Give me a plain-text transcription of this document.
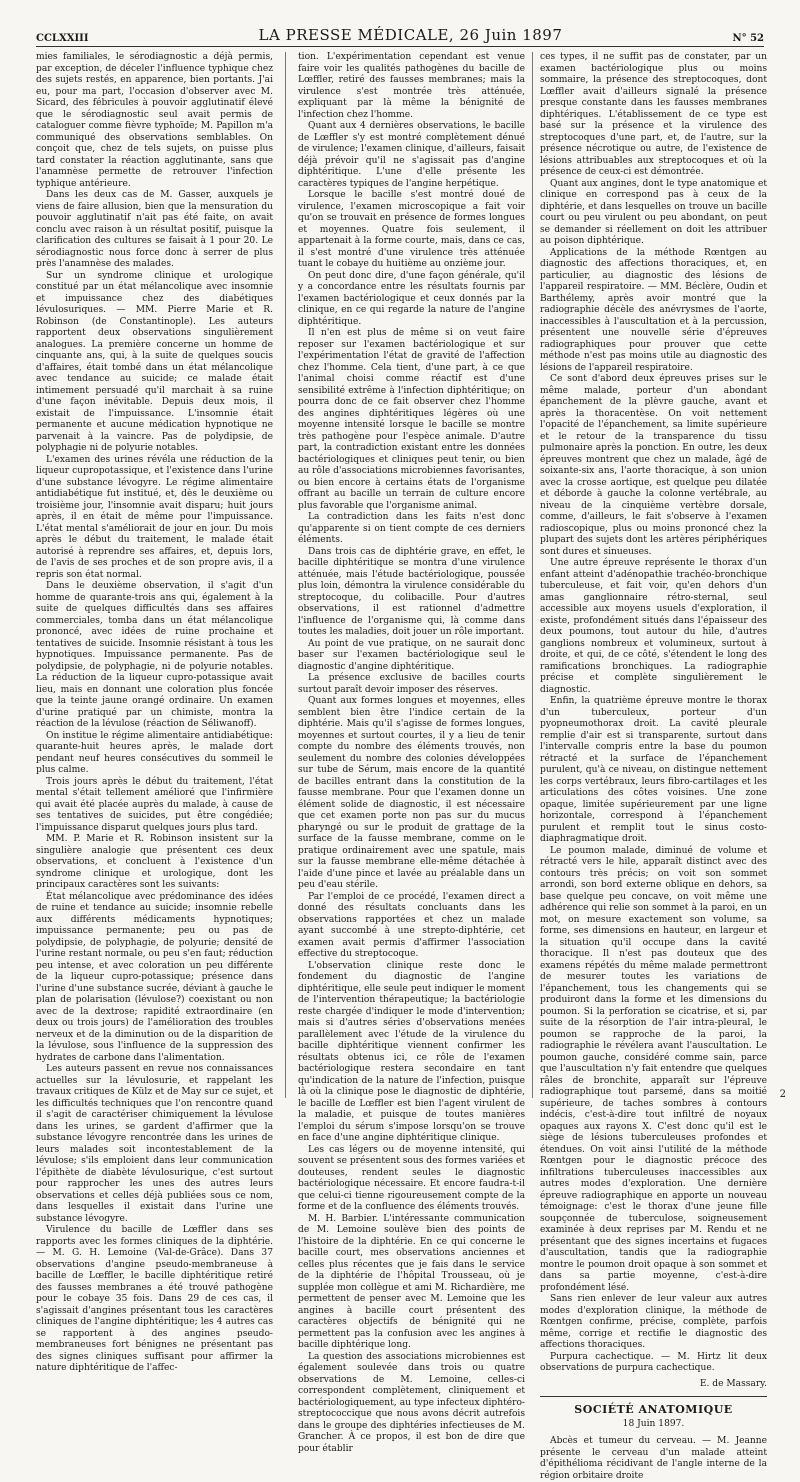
CCLXXIII	LA PRESSE MÉDICALE, 26 Juin 1897	N° 52

mies familiales, le sérodiagnostic a déjà permis, par exception, de déceler l'influence typhique chez des sujets restés, en apparence, bien portants. J'ai eu, pour ma part, l'occasion d'observer avec M. Sicard, des fébricules à pouvoir agglutinatif élevé que le sérodiagnostic seul avait permis de cataloguer comme fièvre typhoïde; M. Papillon m'a communiqué des observations semblables. On conçoit que, chez de tels sujets, on puisse plus tard constater la réaction agglutinante, sans que l'anamnèse permette de retrouver l'infection typhique antérieure.

Dans les deux cas de M. Gasser, auxquels je viens de faire allusion, bien que la mensuration du pouvoir agglutinatif n'ait pas été faite, on avait conclu avec raison à un résultat positif, puisque la clarification des cultures se faisait à 1 pour 20. Le sérodiagnostic nous force donc à serrer de plus près l'anamnèse des malades.

Sur un syndrome clinique et urologique constitué par un état mélancolique avec insomnie et impuissance chez des diabétiques lévulosuriques. — MM. Pierre Marie et R. Robinson (de Constantinople). Les auteurs rapportent deux observations singulièrement analogues. La première concerne un homme de cinquante ans, qui, à la suite de quelques soucis d'affaires, était tombé dans un état mélancolique avec tendance au suicide; ce malade était intimement persuadé qu'il marchait à sa ruine d'une façon inévitable. Depuis deux mois, il existait de l'impuissance. L'insomnie était permanente et aucune médication hypnotique ne parvenait à la vaincre. Pas de polydipsie, de polyphagie ni de polyurie notables.

L'examen des urines révéla une réduction de la liqueur cupropotassique, et l'existence dans l'urine d'une substance lévogyre. Le régime alimentaire antidiabétique fut institué, et, dès le deuxième ou troisième jour, l'insomnie avait disparu; huit jours après, il en était de même pour l'impuissance. L'état mental s'améliorait de jour en jour. Du mois après le début du traitement, le malade était autorisé à reprendre ses affaires, et, depuis lors, de l'avis de ses proches et de son propre avis, il a repris son état normal.

Dans le deuxième observation, il s'agit d'un homme de quarante-trois ans qui, également à la suite de quelques difficultés dans ses affaires commerciales, tomba dans un état mélancolique prononcé, avec idées de ruine prochaine et tentatives de suicide. Insomnie résistant à tous les hypnotiques. Impuissance permanente. Pas de polydipsie, de polyphagie, ni de polyurie notables. La réduction de la liqueur cupro-potassique avait lieu, mais en donnant une coloration plus foncée que la teinte jaune orangé ordinaire. Un examen d'urine pratiqué par un chimiste, montra la réaction de la lévulose (réaction de Séliwanoff).

On institue le régime alimentaire antidiabétique: quarante-huit heures après, le malade dort pendant neuf heures consécutives du sommeil le plus calme.

Trois jours après le début du traitement, l'état mental s'était tellement amélioré que l'infirmière qui avait été placée auprès du malade, à cause de ses tentatives de suicides, put être congédiée; l'impuissance disparut quelques jours plus tard.

MM. P. Marie et R. Robinson insistent sur la singulière analogie que présentent ces deux observations, et concluent à l'existence d'un syndrome clinique et urologique, dont les principaux caractères sont les suivants:

État mélancolique avec prédominance des idées de ruine et tendance au suicide; insomnie rebelle aux différents médicaments hypnotiques; impuissance permanente; peu ou pas de polydipsie, de polyphagie, de polyurie; densité de l'urine restant normale, ou peu s'en faut; réduction peu intense, et avec coloration un peu différente de la liqueur cupro-potassique; présence dans l'urine d'une substance sucrée, déviant à gauche le plan de polarisation (lévulose?) coexistant ou non avec de la dextrose; rapidité extraordinaire (en deux ou trois jours) de l'amélioration des troubles nerveux et de la diminution ou de la disparition de la lévulose, sous l'influence de la suppression des hydrates de carbone dans l'alimentation.

Les auteurs passent en revue nos connaissances actuelles sur la lévulosurie, et rappelant les travaux critiques de Külz et de May sur ce sujet, et les difficultés techniques que l'on rencontre quand il s'agit de caractériser chimiquement la lévulose dans les urines, se gardent d'affirmer que la substance lévogyre rencontrée dans les urines de leurs malades soit incontestablement de la lévulose; s'ils emploient dans leur communication l'épithète de diabète lévulosurique, c'est surtout pour rapprocher les unes des autres leurs observations et celles déjà publiées sous ce nom, dans lesquelles il existait dans l'urine une substance lévogyre.

Virulence du bacille de Lœffler dans ses rapports avec les formes cliniques de la diphtérie. — M. G. H. Lemoine (Val-de-Grâce). Dans 37 observations d'angine pseudo-membraneuse à bacille de Lœffler, le bacille diphtéritique retiré des fausses membranes a été trouvé pathogène pour le cobaye 35 fois. Dans 29 de ces cas, il s'agissait d'angines présentant tous les caractères cliniques de l'angine diphtéritique; les 4 autres cas se rapportent à des angines pseudo-membraneuses fort bénignes ne présentant pas des signes cliniques suffisant pour affirmer la nature diphtéritique de l'affec-

tion. L'expérimentation cependant est venue faire voir les qualités pathogènes du bacille de Lœffler, retiré des fausses membranes; mais la virulence s'est montrée très atténuée, expliquant par là même la bénignité de l'infection chez l'homme.

Quant aux 4 dernières observations, le bacille de Lœffler s'y est montré complètement dénué de virulence; l'examen clinique, d'ailleurs, faisait déjà prévoir qu'il ne s'agissait pas d'angine diphtéritique. L'une d'elle présente les caractères typiques de l'angine herpétique.

Lorsque le bacille s'est montré doué de virulence, l'examen microscopique a fait voir qu'on se trouvait en présence de formes longues et moyennes. Quatre fois seulement, il appartenait à la forme courte, mais, dans ce cas, il s'est montré d'une virulence très atténuée tuant le cobaye du huitième au onzième jour.

On peut donc dire, d'une façon générale, qu'il y a concordance entre les résultats fournis par l'examen bactériologique et ceux donnés par la clinique, en ce qui regarde la nature de l'angine diphtéritique.

Il n'en est plus de même si on veut faire reposer sur l'examen bactériologique et sur l'expérimentation l'état de gravité de l'affection chez l'homme. Cela tient, d'une part, à ce que l'animal choisi comme réactif est d'une sensibilité extrême à l'infection diphtéritique; on pourra donc de ce fait observer chez l'homme des angines diphtéritiques légères où une moyenne intensité lorsque le bacille se montre très pathogène pour l'espèce animale. D'autre part, la contradiction existant entre les données bactériologiques et cliniques peut tenir, ou bien au rôle d'associations microbiennes favorisantes, ou bien encore à certains états de l'organisme offrant au bacille un terrain de culture encore plus favorable que l'organisme animal.

La contradiction dans les faits n'est donc qu'apparente si on tient compte de ces derniers éléments.

Dans trois cas de diphtérie grave, en effet, le bacille diphtéritique se montra d'une virulence atténuée, mais l'étude bactériologique, poussée plus loin, démontra la virulence considérable du streptocoque, du colibacille. Pour d'autres observations, il est rationnel d'admettre l'influence de l'organisme qui, là comme dans toutes les maladies, doit jouer un rôle important.

Au point de vue pratique, on ne saurait donc baser sur l'examen bactériologique seul le diagnostic d'angine diphtéritique.

La présence exclusive de bacilles courts surtout paraît devoir imposer des réserves.

Quant aux formes longues et moyennes, elles semblent bien être l'indice certain de la diphtérie. Mais qu'il s'agisse de formes longues, moyennes et surtout courtes, il y a lieu de tenir compte du nombre des éléments trouvés, non seulement du nombre des colonies développées sur tube de Sérum, mais encore de la quantité de bacilles entrant dans la constitution de la fausse membrane. Pour que l'examen donne un élément solide de diagnostic, il est nécessaire que cet examen porte non pas sur du mucus pharyngé ou sur le produit de grattage de la surface de la fausse membrane, comme on le pratique ordinairement avec une spatule, mais sur la fausse membrane elle-même détachée à l'aide d'une pince et lavée au préalable dans un peu d'eau stérile.

Par l'emploi de ce procédé, l'examen direct a donné des résultats concluants dans les observations rapportées et chez un malade ayant succombé à une strepto-diphtérie, cet examen avait permis d'affirmer l'association effective du streptocoque.

L'observation clinique reste donc le fondement du diagnostic de l'angine diphtéritique, elle seule peut indiquer le moment de l'intervention thérapeutique; la bactériologie reste chargée d'indiquer le mode d'intervention; mais si d'autres séries d'observations menées parallèlement avec l'étude de la virulence du bacille diphtéritique viennent confirmer les résultats obtenus ici, ce rôle de l'examen bactériologique restera secondaire en tant qu'indication de la nature de l'infection, puisque là où la clinique pose le diagnostic de diphtérie, le bacille de Lœffler est bien l'agent virulent de la maladie, et puisque de toutes manières l'emploi du sérum s'impose lorsqu'on se trouve en face d'une angine diphtéritique clinique.

Les cas légers ou de moyenne intensité, qui souvent se présentent sous des formes variées et douteuses, rendent seules le diagnostic bactériologique nécessaire. Et encore faudra-t-il que celui-ci tienne rigoureusement compte de la forme et de la confluence des éléments trouvés.

M. H. Barbier. L'intéressante communication de M. Lemoine soulève bien des points de l'histoire de la diphtérie. En ce qui concerne le bacille court, mes observations anciennes et celles plus récentes que je fais dans le service de la diphtérie de l'hôpital Trousseau, où je supplée mon collègue et ami M. Richardière, me permettent de penser avec M. Lemoine que les angines à bacille court présentent des caractères objectifs de bénignité qui ne permettent pas la confusion avec les angines à bacille diphtérique long.

La question des associations microbiennes est également soulevée dans trois ou quatre observations de M. Lemoine, celles-ci correspondent complètement, cliniquement et bactériologiquement, au type infecteux diphtéro-streptococcique que nous avons décrit autrefois dans le groupe des diphtéries infectieuses de M. Grancher. À ce propos, il est bon de dire que pour établir

ces types, il ne suffit pas de constater, par un examen bactériologique plus ou moins sommaire, la présence des streptocoques, dont Lœffler avait d'ailleurs signalé la présence presque constante dans les fausses membranes diphtériques. L'établissement de ce type est basé sur la présence et la virulence des streptocoques d'une part, et, de l'autre, sur la présence nécrotique ou autre, de l'existence de lésions attribuables aux streptocoques et où la présence de ceux-ci est démontrée.

Quant aux angines, dont le type anatomique et clinique en correspond pas à ceux de la diphtérie, et dans lesquelles on trouve un bacille court ou peu virulent ou peu abondant, on peut se demander si réellement on doit les attribuer au poison diphtérique.

Applications de la méthode Rœntgen au diagnostic des affections thoraciques, et, en particulier, au diagnostic des lésions de l'appareil respiratoire. — MM. Béclère, Oudin et Barthélemy, après avoir montré que la radiographie décèle des anévrysmes de l'aorte, inaccessibles à l'auscultation et à la percussion, présentent une nouvelle série d'épreuves radiographiques pour prouver que cette méthode n'est pas moins utile au diagnostic des lésions de l'appareil respiratoire.

Ce sont d'abord deux épreuves prises sur le même malade, porteur d'un abondant épanchement de la plèvre gauche, avant et après la thoracentèse. On voit nettement l'opacité de l'épanchement, sa limite supérieure et le retour de la transparence du tissu pulmonaire après la ponction. En outre, les deux épreuves montrent que chez un malade, âgé de soixante-six ans, l'aorte thoracique, à son union avec la crosse aortique, est quelque peu dilatée et déborde à gauche la colonne vertébrale, au niveau de la cinquième vertèbre dorsale, comme, d'ailleurs, le fait s'observe à l'examen radioscopique, plus ou moins prononcé chez la plupart des sujets dont les artères périphériques sont dures et sinueuses.

Une autre épreuve représente le thorax d'un enfant atteint d'adénopathie trachéo-bronchique tuberculeuse, et fait voir, qu'en dehors d'un amas ganglionnaire rétro-sternal, seul accessible aux moyens usuels d'exploration, il existe, profondément situés dans l'épaisseur des deux poumons, tout autour du hile, d'autres ganglions nombreux et volumineux, surtout à droite, et qui, de ce côté, s'étendent le long des ramifications bronchiques. La radiographie précise et complète singulièrement le diagnostic.

Enfin, la quatrième épreuve montre le thorax d'un tuberculeux, porteur d'un pyopneumothorax droit. La cavité pleurale remplie d'air est si transparente, surtout dans l'intervalle compris entre la base du poumon rétracté et la surface de l'épanchement purulent, qu'à ce niveau, on distingue nettement les corps vertébraux, leurs fibro-cartilages et les articulations des côtes voisines. Une zone opaque, limitée supérieurement par une ligne horizontale, correspond à l'épanchement purulent et remplit tout le sinus costo-diaphragmatique droit.

Le poumon malade, diminué de volume et rétracté vers le hile, apparaît distinct avec des contours très précis; on voit son sommet arrondi, son bord externe oblique en dehors, sa base quelque peu concave, on voit même une adhérence qui relie son sommet à la paroi, en un mot, on mesure exactement son volume, sa forme, ses dimensions en hauteur, en largeur et la situation qu'il occupe dans la cavité thoracique. Il n'est pas douteux que des examens répétés du même malade permettront de mesurer toutes les variations de l'épanchement, tous les changements qui se produiront dans la forme et les dimensions du poumon. Si la perforation se cicatrise, et si, par suite de la résorption de l'air intra-pleural, le poumon se rapproche de la paroi, la radiographie le révélera avant l'auscultation. Le poumon gauche, considéré comme sain, parce que l'auscultation n'y fait entendre que quelques râles de bronchite, apparaît sur l'épreuve radiographique tout parsemé, dans sa moitié supérieure, de taches sombres à contours indécis, c'est-à-dire tout infiltré de noyaux opaques aux rayons X. C'est donc qu'il est le siège de lésions tuberculeuses profondes et étendues. On voit ainsi l'utilité de la méthode Rœntgen pour le diagnostic précoce des infiltrations tuberculeuses inaccessibles aux autres modes d'exploration. Une dernière épreuve radiographique en apporte un nouveau témoignage: c'est le thorax d'une jeune fille soupçonnée de tuberculose, soigneusement examinée à deux reprises par M. Rendu et ne présentant que des signes incertains et fugaces d'auscultation, tandis que la radiographie montre le poumon droit opaque à son sommet et dans sa partie moyenne, c'est-à-dire profondément lésé.

Sans rien enlever de leur valeur aux autres modes d'exploration clinique, la méthode de Rœntgen confirme, précise, complète, parfois même, corrige et rectifie le diagnostic des affections thoraciques.

Purpura cachectique. — M. Hirtz lit deux observations de purpura cachectique.

E. de Massary.

SOCIÉTÉ ANATOMIQUE

18 Juin 1897.

Abcès et tumeur du cerveau. — M. Jeanne présente le cerveau d'un malade atteint d'épithélioma récidivant de l'angle interne de la région orbitaire droite

2
